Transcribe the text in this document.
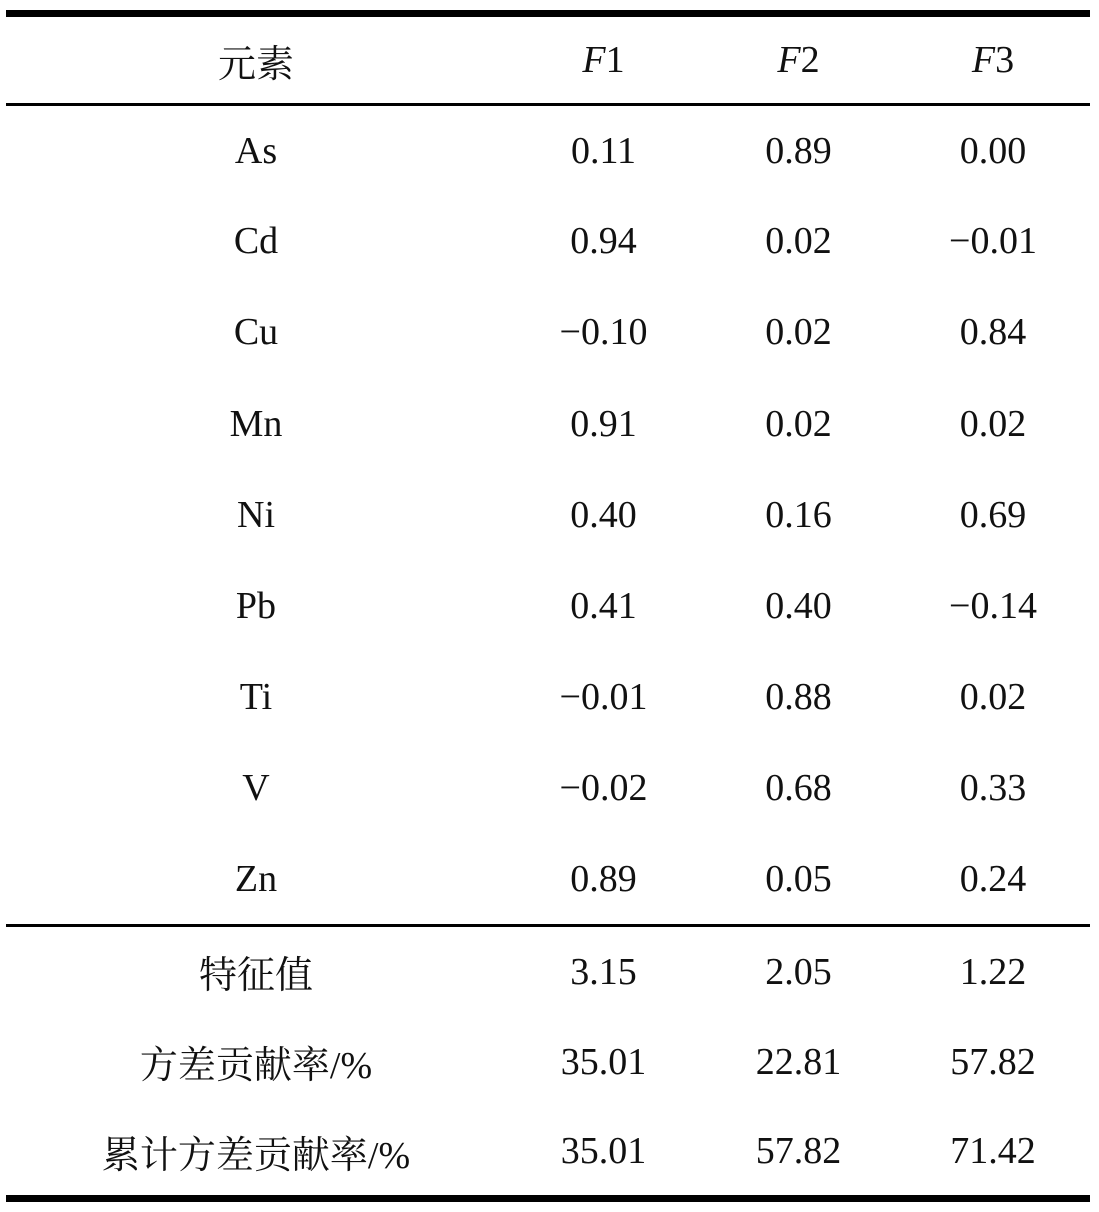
元素	F1	F2	F3
As	0.11	0.89	0.00
Cd	0.94	0.02	−0.01
Cu	−0.10	0.02	0.84
Mn	0.91	0.02	0.02
Ni	0.40	0.16	0.69
Pb	0.41	0.40	−0.14
Ti	−0.01	0.88	0.02
V	−0.02	0.68	0.33
Zn	0.89	0.05	0.24
特征值	3.15	2.05	1.22
方差贡献率/%	35.01	22.81	57.82
累计方差贡献率/%	35.01	57.82	71.42
